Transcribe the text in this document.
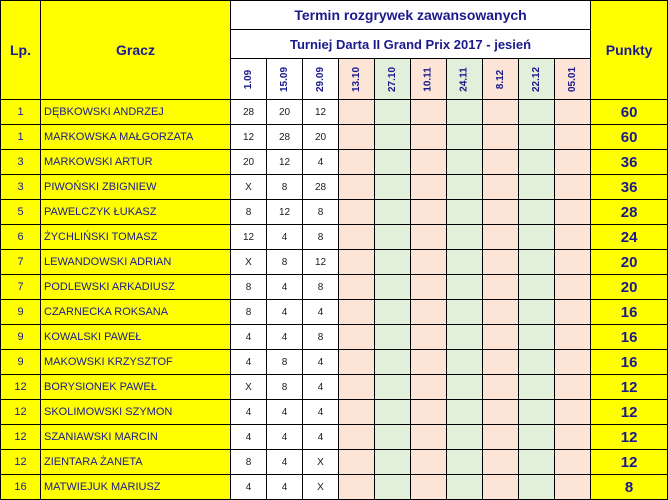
Lp.	Gracz	Termin rozgrywek zawansowanych										Punkty
		Turniej Darta II Grand Prix 2017 - jesień										
		1.09	15.09	29.09	13.10	27.10	10.11	24.11	8.12	22.12	05.01	
1	DĘBKOWSKI ANDRZEJ	28	20	12								60
1	MARKOWSKA MAŁGORZATA	12	28	20								60
3	MARKOWSKI ARTUR	20	12	4								36
3	PIWOŃSKI ZBIGNIEW	X	8	28								36
5	PAWELCZYK ŁUKASZ	8	12	8								28
6	ŻYCHLIŃSKI TOMASZ	12	4	8								24
7	LEWANDOWSKI ADRIAN	X	8	12								20
7	PODLEWSKI ARKADIUSZ	8	4	8								20
9	CZARNECKA ROKSANA	8	4	4								16
9	KOWALSKI PAWEŁ	4	4	8								16
9	MAKOWSKI KRZYSZTOF	4	8	4								16
12	BORYSIONEK PAWEŁ	X	8	4								12
12	SKOLIMOWSKI SZYMON	4	4	4								12
12	SZANIAWSKI MARCIN	4	4	4								12
12	ZIENTARA ŻANETA	8	4	X								12
16	MATWIEJUK MARIUSZ	4	4	X								8
